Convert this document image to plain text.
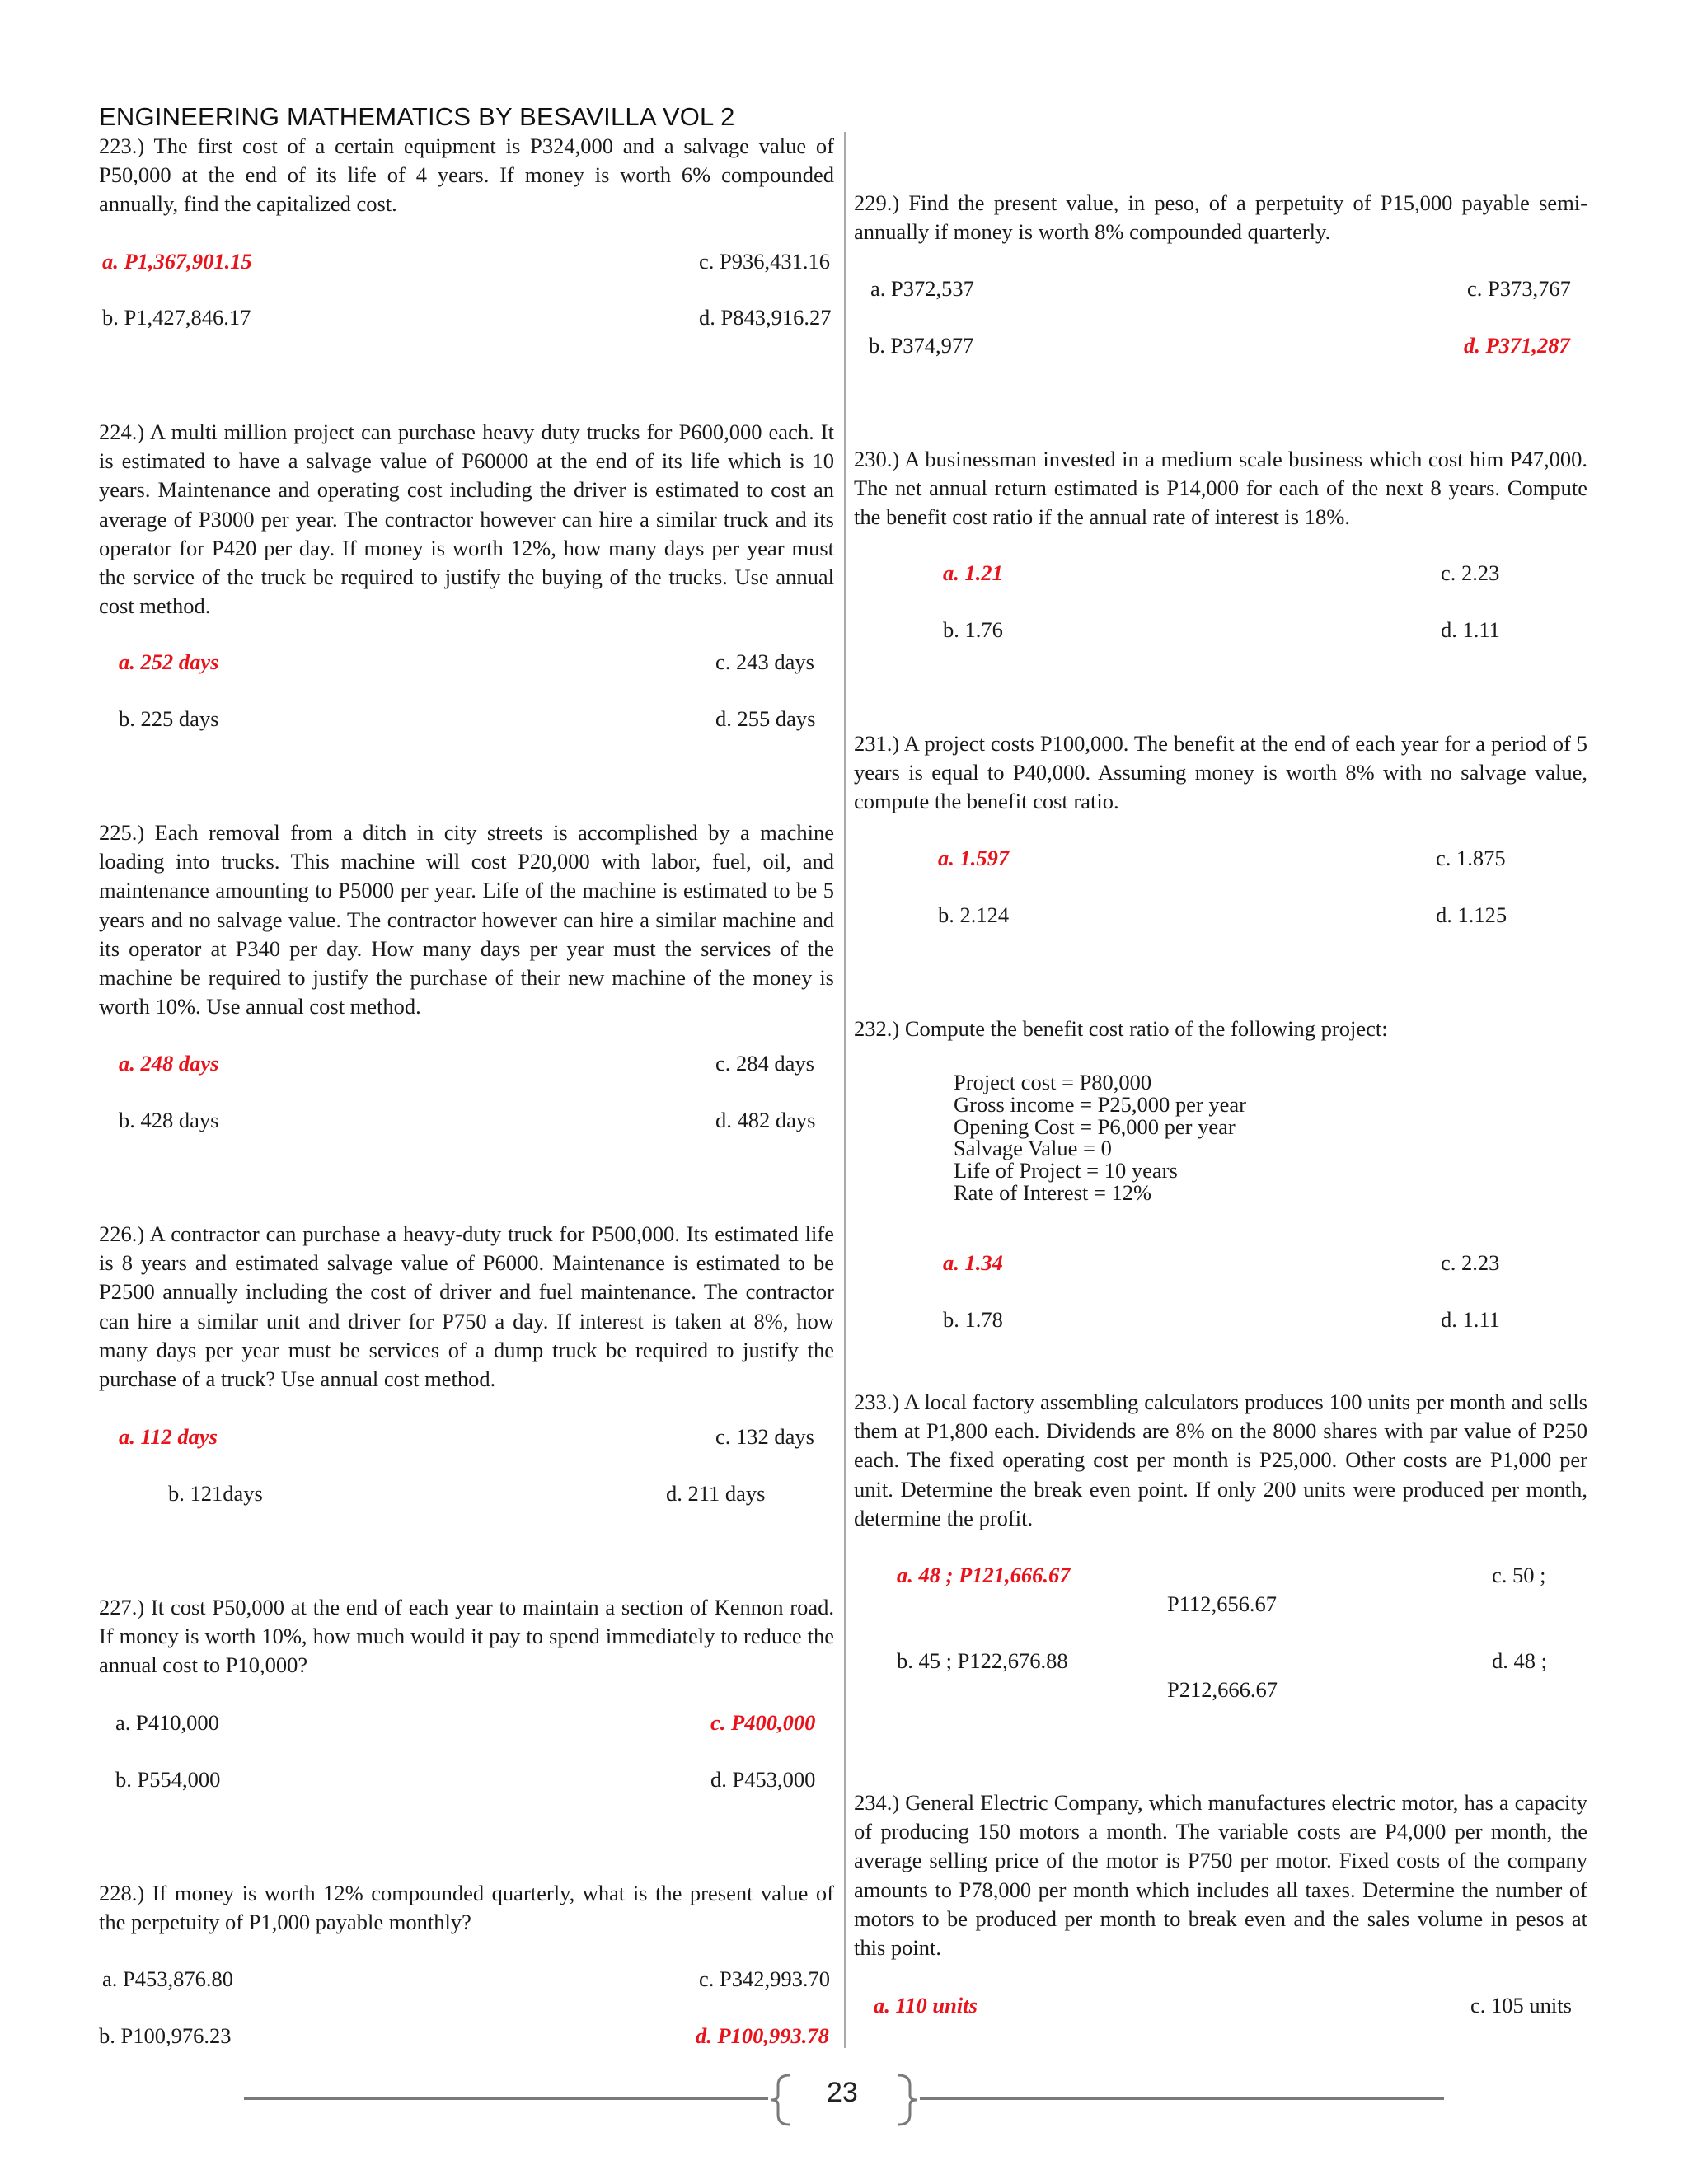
ENGINEERING MATHEMATICS BY BESAVILLA VOL 2
223.) The first cost of a certain equipment is P324,000 and a salvage value of P50,000 at the end of its life of 4 years. If money is worth 6% compounded annually, find the capitalized cost.
a. P1,367,901.15	c. P936,431.16
b. P1,427,846.17	d. P843,916.27
224.) A multi million project can purchase heavy duty trucks for P600,000 each. It is estimated to have a salvage value of P60000 at the end of its life which is 10 years. Maintenance and operating cost including the driver is estimated to cost an average of P3000 per year. The contractor however can hire a similar truck and its operator for P420 per day. If money is worth 12%, how many days per year must the service of the truck be required to justify the buying of the trucks. Use annual cost method.
a. 252 days	c. 243 days
b. 225 days	d. 255 days
225.) Each removal from a ditch in city streets is accomplished by a machine loading into trucks. This machine will cost P20,000 with labor, fuel, oil, and maintenance amounting to P5000 per year. Life of the machine is estimated to be 5 years and no salvage value. The contractor however can hire a similar machine and its operator at P340 per day. How many days per year must the services of the machine be required to justify the purchase of their new machine of the money is worth 10%. Use annual cost method.
a. 248 days	c. 284 days
b. 428 days	d. 482 days
226.) A contractor can purchase a heavy-duty truck for P500,000. Its estimated life is 8 years and estimated salvage value of P6000. Maintenance is estimated to be P2500 annually including the cost of driver and fuel maintenance. The contractor can hire a similar unit and driver for P750 a day. If interest is taken at 8%, how many days per year must be services of a dump truck be required to justify the purchase of a truck? Use annual cost method.
a. 112 days	c. 132 days
b. 121days	d. 211 days
227.) It cost P50,000 at the end of each year to maintain a section of Kennon road. If money is worth 10%, how much would it pay to spend immediately to reduce the annual cost to P10,000?
a. P410,000	c. P400,000
b. P554,000	d. P453,000
228.) If money is worth 12% compounded quarterly, what is the present value of the perpetuity of P1,000 payable monthly?
a. P453,876.80	c. P342,993.70
b. P100,976.23	d. P100,993.78
229.) Find the present value, in peso, of a perpetuity of P15,000 payable semi-annually if money is worth 8% compounded quarterly.
a. P372,537	c. P373,767
b. P374,977	d. P371,287
230.) A businessman invested in a medium scale business which cost him P47,000. The net annual return estimated is P14,000 for each of the next 8 years. Compute the benefit cost ratio if the annual rate of interest is 18%.
a. 1.21	c. 2.23
b. 1.76	d. 1.11
231.) A project costs P100,000. The benefit at the end of each year for a period of 5 years is equal to P40,000. Assuming money is worth 8% with no salvage value, compute the benefit cost ratio.
a. 1.597	c. 1.875
b. 2.124	d. 1.125
232.) Compute the benefit cost ratio of the following project:
Project cost = P80,000
Gross income = P25,000 per year
Opening Cost = P6,000 per year
Salvage Value = 0
Life of Project = 10 years
Rate of Interest = 12%
a. 1.34	c. 2.23
b. 1.78	d. 1.11
233.) A local factory assembling calculators produces 100 units per month and sells them at P1,800 each. Dividends are 8% on the 8000 shares with par value of P250 each. The fixed operating cost per month is P25,000. Other costs are P1,000 per unit. Determine the break even point. If only 200 units were produced per month, determine the profit.
a. 48 ; P121,666.67	c. 50 ;
P112,656.67
b. 45 ; P122,676.88	d. 48 ;
P212,666.67
234.) General Electric Company, which manufactures electric motor, has a capacity of producing 150 motors a month. The variable costs are P4,000 per month, the average selling price of the motor is P750 per motor. Fixed costs of the company amounts to P78,000 per month which includes all taxes. Determine the number of motors to be produced per month to break even and the sales volume in pesos at this point.
a. 110 units	c. 105 units
23
